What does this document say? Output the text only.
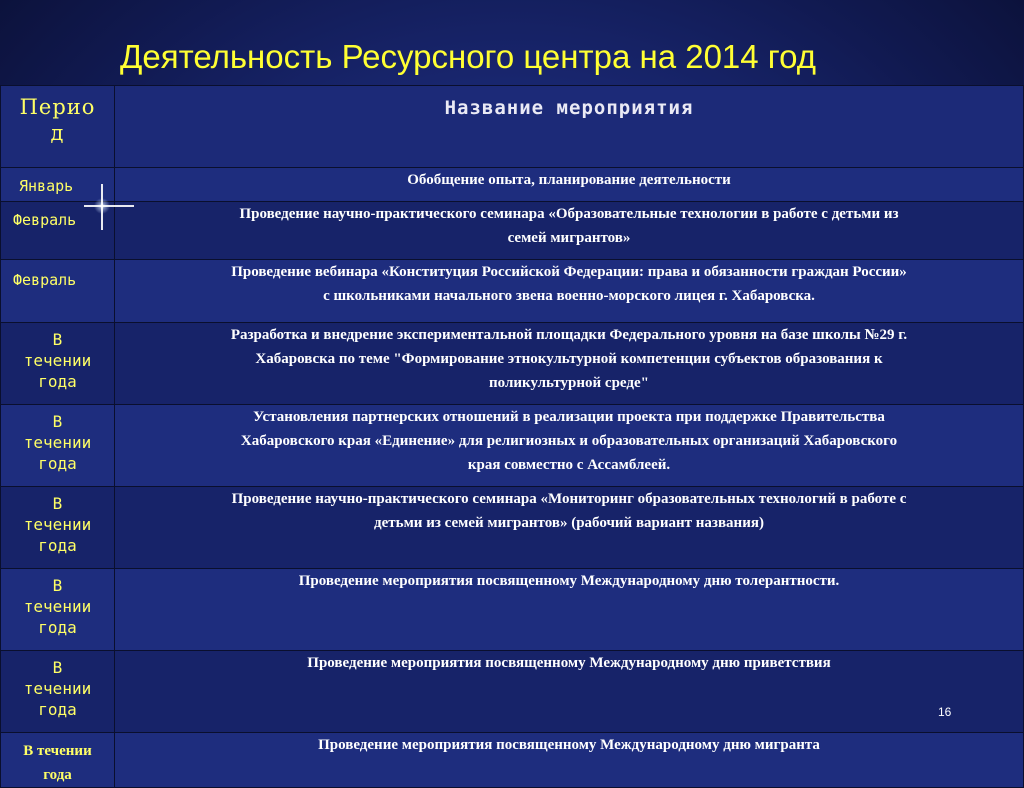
Деятельность Ресурсного центра на 2014 год
Перио
д	Название мероприятия
Январь	Обобщение опыта, планирование деятельности
Февраль	Проведение научно-практического семинара «Образовательные технологии в работе с детьми из
семей мигрантов»
Февраль	Проведение вебинара «Конституция Российской Федерации: права и обязанности граждан России»
с школьниками начального звена военно-морского лицея г. Хабаровска.
В
течении
года	Разработка и внедрение экспериментальной площадки Федерального уровня на базе школы №29 г.
Хабаровска по теме "Формирование этнокультурной компетенции субъектов образования к
поликультурной среде"
В
течении
года	Установления партнерских отношений в реализации проекта при поддержке Правительства
Хабаровского края «Единение» для религиозных и образовательных организаций Хабаровского
края совместно с Ассамблеей.
В
течении
года	Проведение научно-практического семинара «Мониторинг образовательных технологий в работе с
детьми из семей мигрантов» (рабочий вариант названия)
В
течении
года	Проведение мероприятия посвященному Международному дню толерантности.
В
течении
года	Проведение мероприятия посвященному Международному дню приветствия
В течении
года	Проведение мероприятия посвященному Международному дню мигранта
16
